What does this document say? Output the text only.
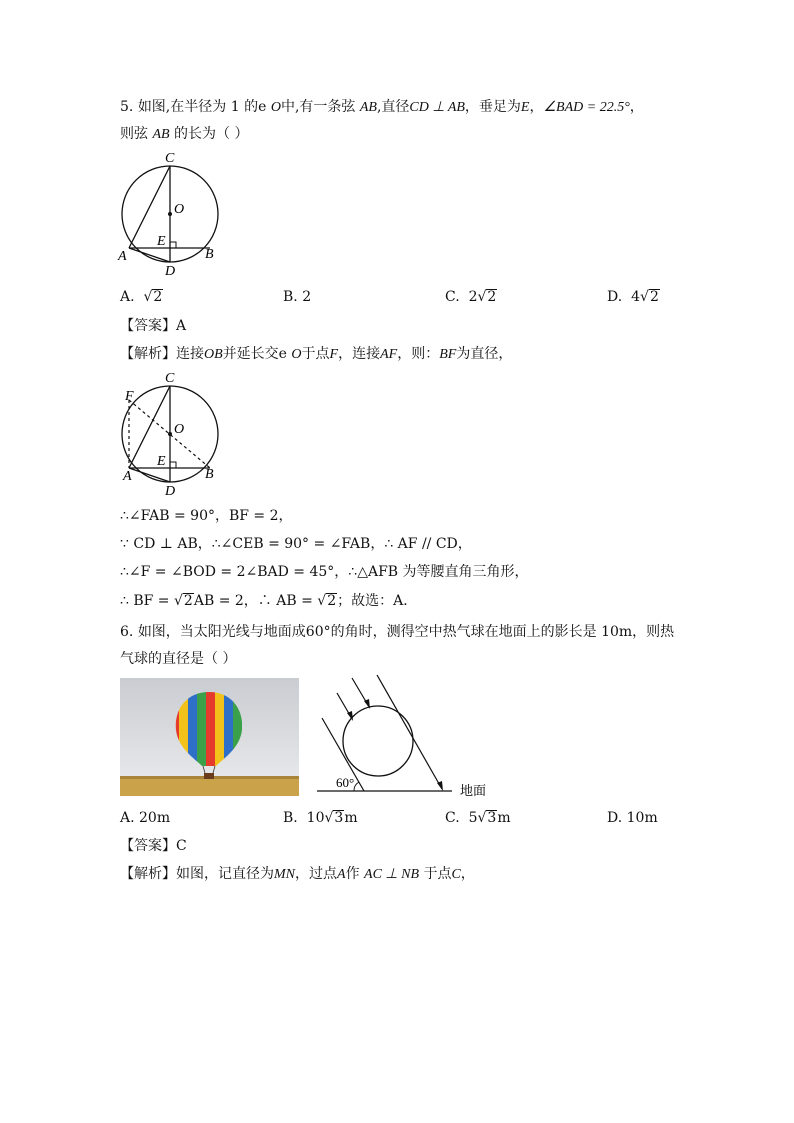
5. 如图,在半径为 1 的e O中,有一条弦 AB,直径CD ⊥ AB，垂足为E，∠BAD = 22.5°，
则弦 AB 的长为（ ）
C
O
E
A	B
D
A.  √2	B. 2	C. 2√2	D. 4√2
【答案】A
【解析】连接OB并延长交e O于点F，连接AF，则：BF为直径，
C
F
O
E
A	B
D
∴∠FAB = 90°，BF = 2，
∵ CD ⊥ AB，∴∠CEB = 90° = ∠FAB，∴ AF // CD，
∴∠F = ∠BOD = 2∠BAD = 45°，∴△AFB 为等腰直角三角形，
∴ BF = √2AB = 2，∴ AB = √2；故选：A．
6. 如图，当太阳光线与地面成60°的角时，测得空中热气球在地面上的影长是 10m，则热
气球的直径是（ ）
60°
地面
A. 20m	B. 10√3m	C. 5√3m	D. 10m
【答案】C
【解析】如图，记直径为MN，过点A作 AC ⊥ NB 于点C，
